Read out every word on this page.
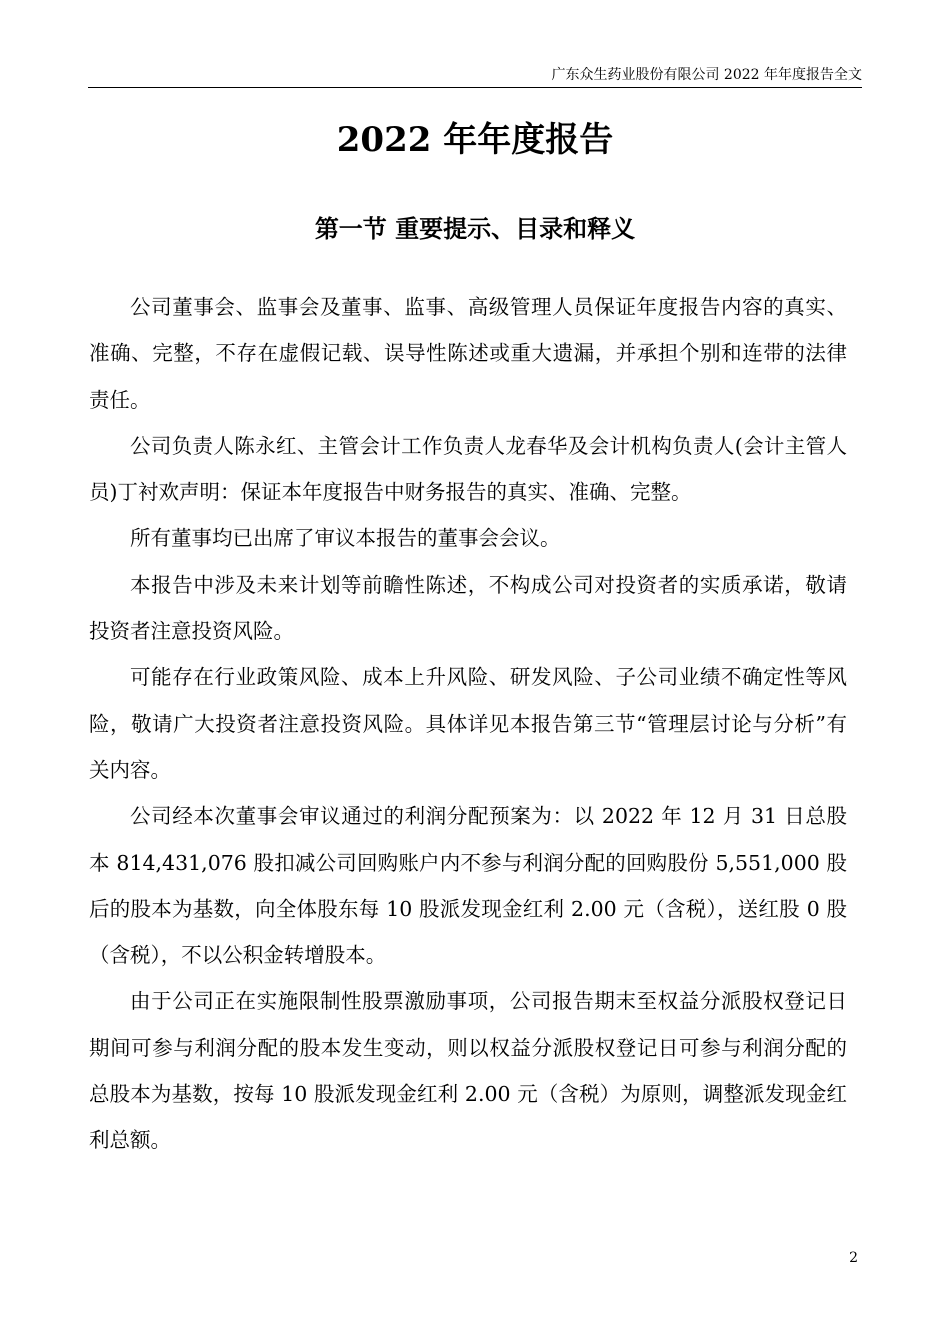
广东众生药业股份有限公司 2022 年年度报告全文
2022 年年度报告
第一节 重要提示、目录和释义

公司董事会、监事会及董事、监事、高级管理人员保证年度报告内容的真实、准确、完整，不存在虚假记载、误导性陈述或重大遗漏，并承担个别和连带的法律责任。

公司负责人陈永红、主管会计工作负责人龙春华及会计机构负责人(会计主管人员)丁衬欢声明：保证本年度报告中财务报告的真实、准确、完整。

所有董事均已出席了审议本报告的董事会会议。

本报告中涉及未来计划等前瞻性陈述，不构成公司对投资者的实质承诺，敬请投资者注意投资风险。

可能存在行业政策风险、成本上升风险、研发风险、子公司业绩不确定性等风险，敬请广大投资者注意投资风险。具体详见本报告第三节“管理层讨论与分析”有关内容。

公司经本次董事会审议通过的利润分配预案为：以 2022 年 12 月 31 日总股本 814,431,076 股扣减公司回购账户内不参与利润分配的回购股份 5,551,000 股后的股本为基数，向全体股东每 10 股派发现金红利 2.00 元（含税），送红股 0 股（含税），不以公积金转增股本。

由于公司正在实施限制性股票激励事项，公司报告期末至权益分派股权登记日期间可参与利润分配的股本发生变动，则以权益分派股权登记日可参与利润分配的总股本为基数，按每 10 股派发现金红利 2.00 元（含税）为原则，调整派发现金红利总额。

2
